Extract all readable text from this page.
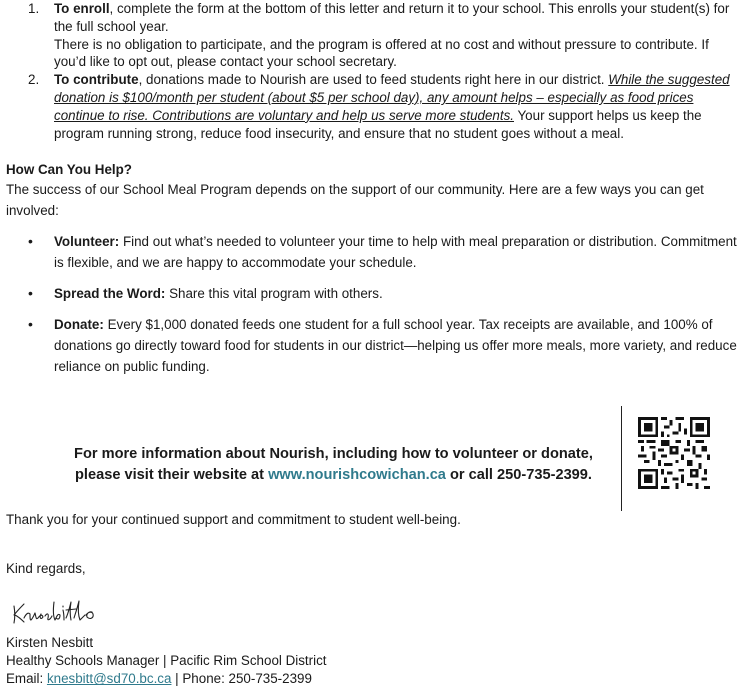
1. To enroll, complete the form at the bottom of this letter and return it to your school. This enrolls your student(s) for the full school year.
There is no obligation to participate, and the program is offered at no cost and without pressure to contribute. If you’d like to opt out, please contact your school secretary.
2. To contribute, donations made to Nourish are used to feed students right here in our district. While the suggested donation is $100/month per student (about $5 per school day), any amount helps – especially as food prices continue to rise. Contributions are voluntary and help us serve more students. Your support helps us keep the program running strong, reduce food insecurity, and ensure that no student goes without a meal.
How Can You Help?
The success of our School Meal Program depends on the support of our community. Here are a few ways you can get involved:
• Volunteer: Find out what’s needed to volunteer your time to help with meal preparation or distribution. Commitment is flexible, and we are happy to accommodate your schedule.
• Spread the Word: Share this vital program with others.
• Donate: Every $1,000 donated feeds one student for a full school year. Tax receipts are available, and 100% of donations go directly toward food for students in our district—helping us offer more meals, more variety, and reduce reliance on public funding.
For more information about Nourish, including how to volunteer or donate,
please visit their website at www.nourishcowichan.ca or call 250-735-2399.
Thank you for your continued support and commitment to student well-being.
Kind regards,
Kirsten Nesbitt
Healthy Schools Manager | Pacific Rim School District
Email: knesbitt@sd70.bc.ca | Phone: 250-735-2399
